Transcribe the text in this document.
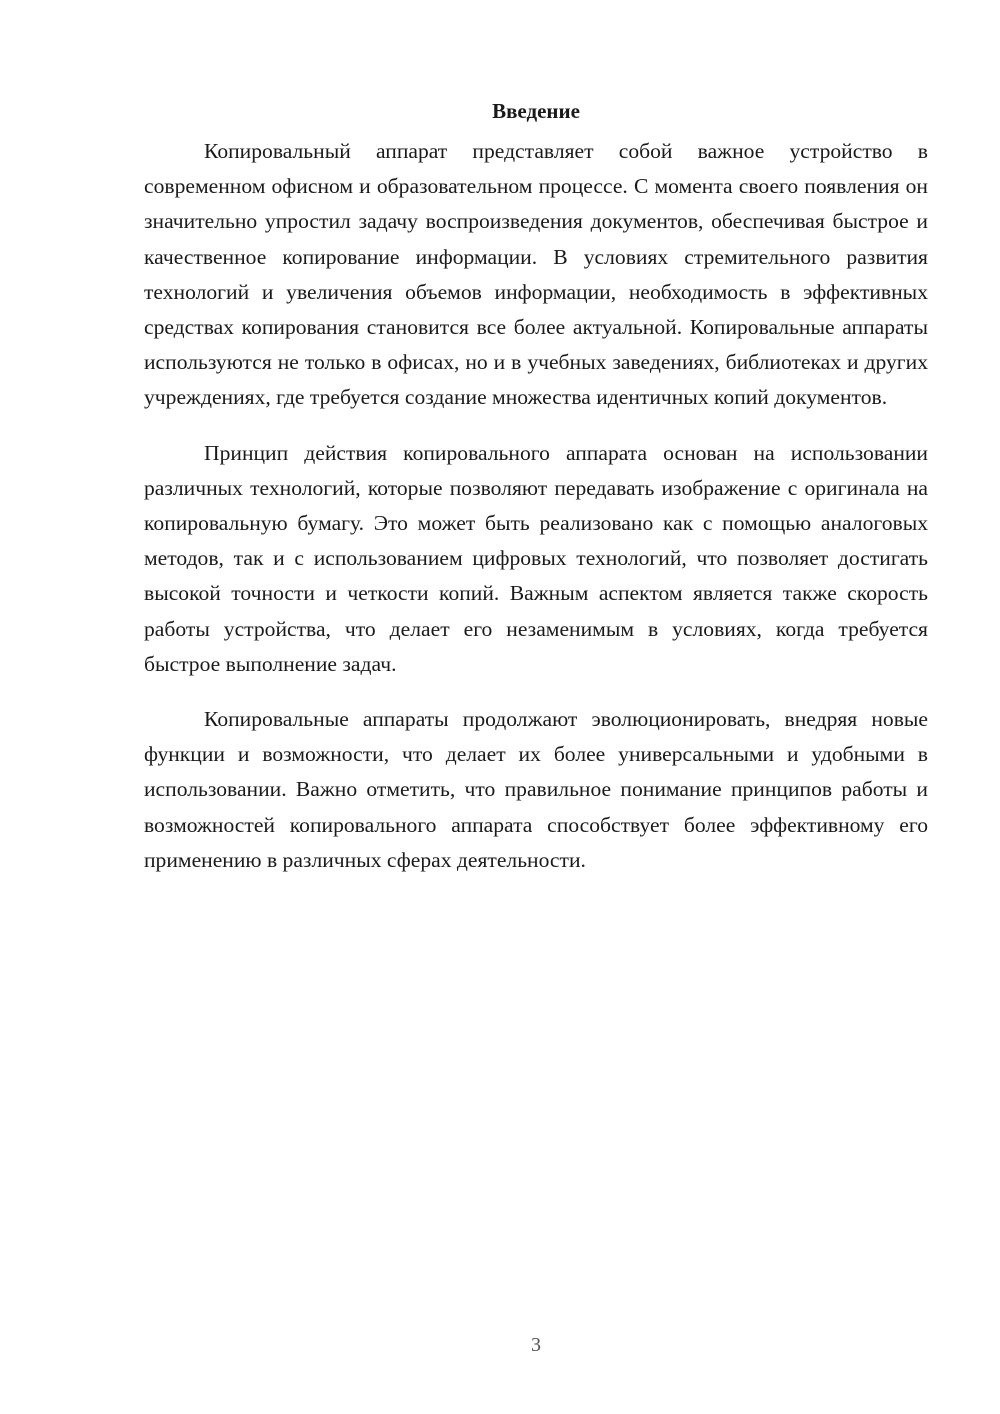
Введение

Копировальный аппарат представляет собой важное устройство в современном офисном и образовательном процессе. С момента своего появления он значительно упростил задачу воспроизведения документов, обеспечивая быстрое и качественное копирование информации. В условиях стремительного развития технологий и увеличения объемов информации, необходимость в эффективных средствах копирования становится все более актуальной. Копировальные аппараты используются не только в офисах, но и в учебных заведениях, библиотеках и других учреждениях, где требуется создание множества идентичных копий документов.

Принцип действия копировального аппарата основан на использовании различных технологий, которые позволяют передавать изображение с оригинала на копировальную бумагу. Это может быть реализовано как с помощью аналоговых методов, так и с использованием цифровых технологий, что позволяет достигать высокой точности и четкости копий. Важным аспектом является также скорость работы устройства, что делает его незаменимым в условиях, когда требуется быстрое выполнение задач.

Копировальные аппараты продолжают эволюционировать, внедряя новые функции и возможности, что делает их более универсальными и удобными в использовании. Важно отметить, что правильное понимание принципов работы и возможностей копировального аппарата способствует более эффективному его применению в различных сферах деятельности.

3
